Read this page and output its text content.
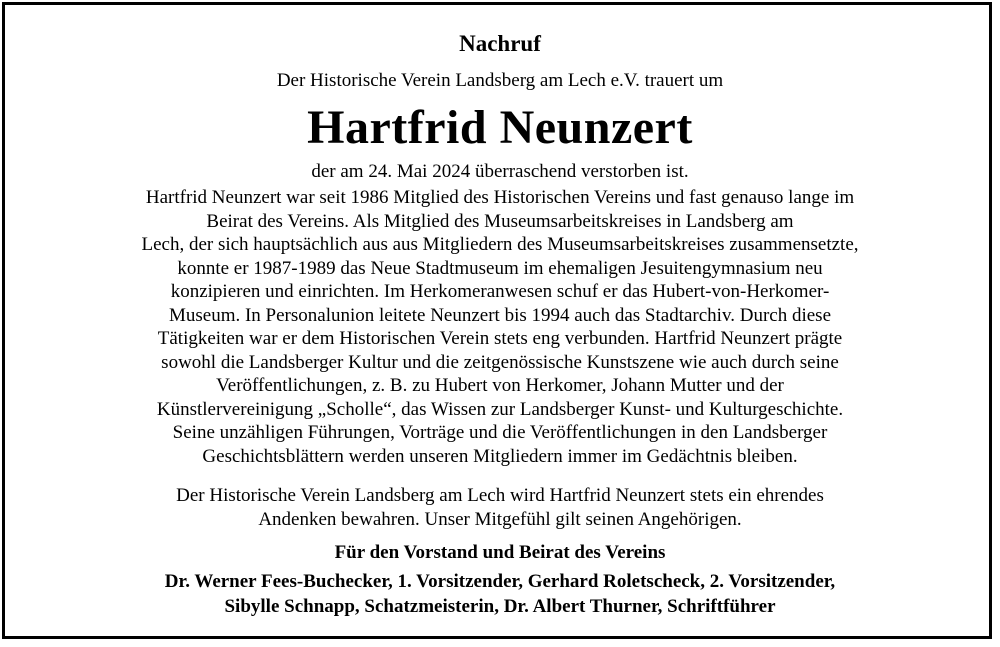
Nachruf
Der Historische Verein Landsberg am Lech e.V. trauert um
Hartfrid Neunzert
der am 24. Mai 2024 überraschend verstorben ist.
Hartfrid Neunzert war seit 1986 Mitglied des Historischen Vereins und fast genauso lange im
Beirat des Vereins. Als Mitglied des Museumsarbeitskreises in Landsberg am
Lech, der sich hauptsächlich aus aus Mitgliedern des Museumsarbeitskreises zusammensetzte,
konnte er 1987-1989 das Neue Stadtmuseum im ehemaligen Jesuitengymnasium neu
konzipieren und einrichten. Im Herkomeranwesen schuf er das Hubert-von-Herkomer-
Museum. In Personalunion leitete Neunzert bis 1994 auch das Stadtarchiv. Durch diese
Tätigkeiten war er dem Historischen Verein stets eng verbunden. Hartfrid Neunzert prägte
sowohl die Landsberger Kultur und die zeitgenössische Kunstszene wie auch durch seine
Veröffentlichungen, z. B. zu Hubert von Herkomer, Johann Mutter und der
Künstlervereinigung „Scholle“, das Wissen zur Landsberger Kunst- und Kulturgeschichte.
Seine unzähligen Führungen, Vorträge und die Veröffentlichungen in den Landsberger
Geschichtsblättern werden unseren Mitgliedern immer im Gedächtnis bleiben.
Der Historische Verein Landsberg am Lech wird Hartfrid Neunzert stets ein ehrendes
Andenken bewahren. Unser Mitgefühl gilt seinen Angehörigen.
Für den Vorstand und Beirat des Vereins
Dr. Werner Fees-Buchecker, 1. Vorsitzender, Gerhard Roletscheck, 2. Vorsitzender,
Sibylle Schnapp, Schatzmeisterin, Dr. Albert Thurner, Schriftführer
